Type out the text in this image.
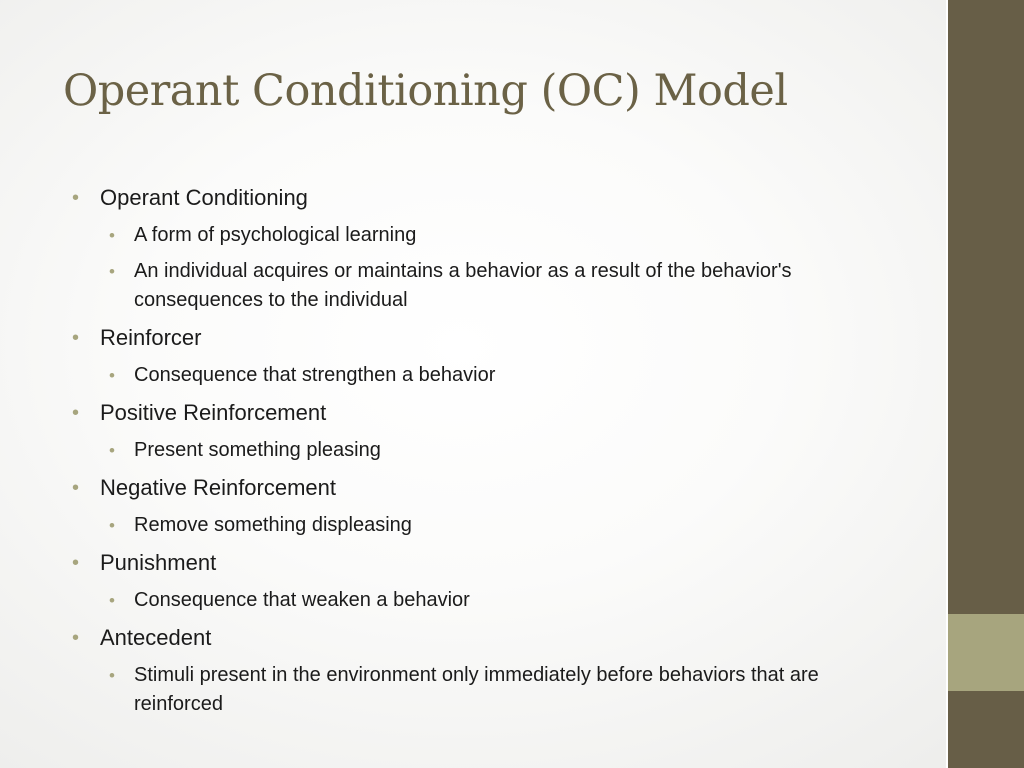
Operant Conditioning (OC) Model
• Operant Conditioning
• A form of psychological learning
• An individual acquires or maintains a behavior as a result of the behavior's consequences to the individual
• Reinforcer
• Consequence that strengthen a behavior
• Positive Reinforcement
• Present something pleasing
• Negative Reinforcement
• Remove something displeasing
• Punishment
• Consequence that weaken a behavior
• Antecedent
• Stimuli present in the environment only immediately before behaviors that are reinforced
